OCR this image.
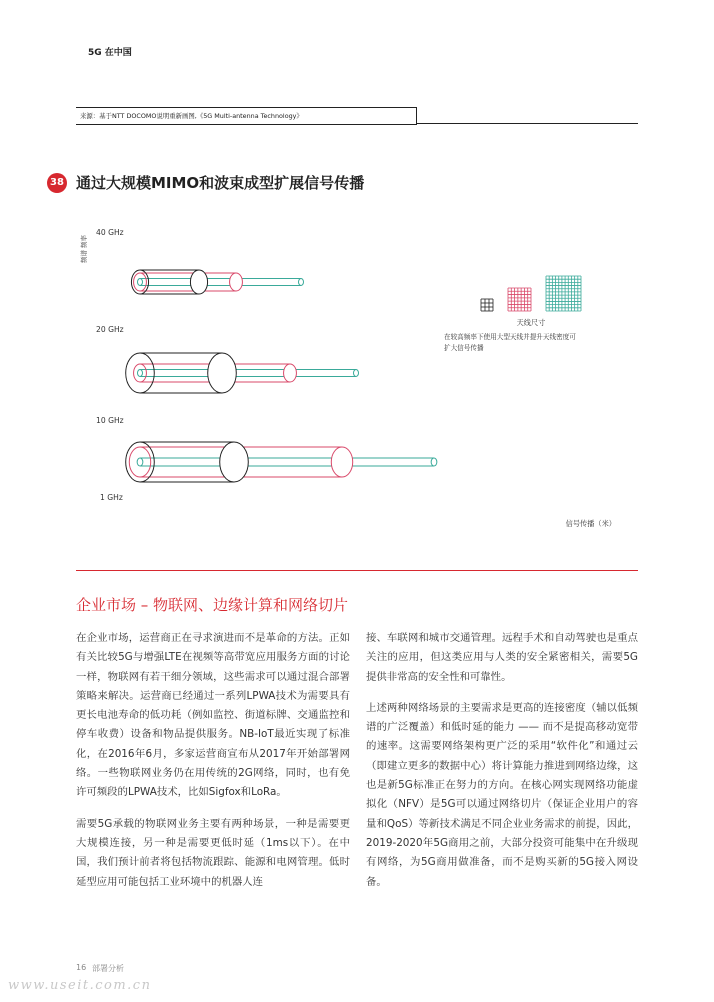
5G 在中国
来源：基于NTT DOCOMO说明重新画图,《5G Multi-antenna Technology》
38 通过大规模MIMO和波束成型扩展信号传播
频谱 频率
40 GHz
20 GHz
10 GHz
1 GHz
信号传播（米）
天线尺寸
在较高频率下使用大型天线并提升天线密度可
扩大信号传播
企业市场 – 物联网、边缘计算和网络切片

在企业市场，运营商正在寻求演进而不是革命的方法。正如有关比较5G与增强LTE在视频等高带宽应用服务方面的讨论一样，物联网有若干细分领域，这些需求可以通过混合部署策略来解决。运营商已经通过一系列LPWA技术为需要具有更长电池寿命的低功耗（例如监控、街道标牌、交通监控和停车收费）设备和物品提供服务。NB-IoT最近实现了标准化，在2016年6月，多家运营商宣布从2017年开始部署网络。一些物联网业务仍在用传统的2G网络，同时，也有免许可频段的LPWA技术，比如Sigfox和LoRa。

需要5G承载的物联网业务主要有两种场景，一种是需要更大规模连接，另一种是需要更低时延（1ms以下）。在中国，我们预计前者将包括物流跟踪、能源和电网管理。低时延型应用可能包括工业环境中的机器人连

接、车联网和城市交通管理。远程手术和自动驾驶也是重点关注的应用，但这类应用与人类的安全紧密相关，需要5G提供非常高的安全性和可靠性。

上述两种网络场景的主要需求是更高的连接密度（辅以低频谱的广泛覆盖）和低时延的能力 —— 而不是提高移动宽带的速率。这需要网络架构更广泛的采用“软件化”和通过云（即建立更多的数据中心）将计算能力推进到网络边缘，这也是新5G标准正在努力的方向。在核心网实现网络功能虚拟化（NFV）是5G可以通过网络切片（保证企业用户的容量和QoS）等新技术满足不同企业业务需求的前提，因此，2019-2020年5G商用之前，大部分投资可能集中在升级现有网络，为5G商用做准备，而不是购买新的5G接入网设备。

16 部署分析
www.useit.com.cn
